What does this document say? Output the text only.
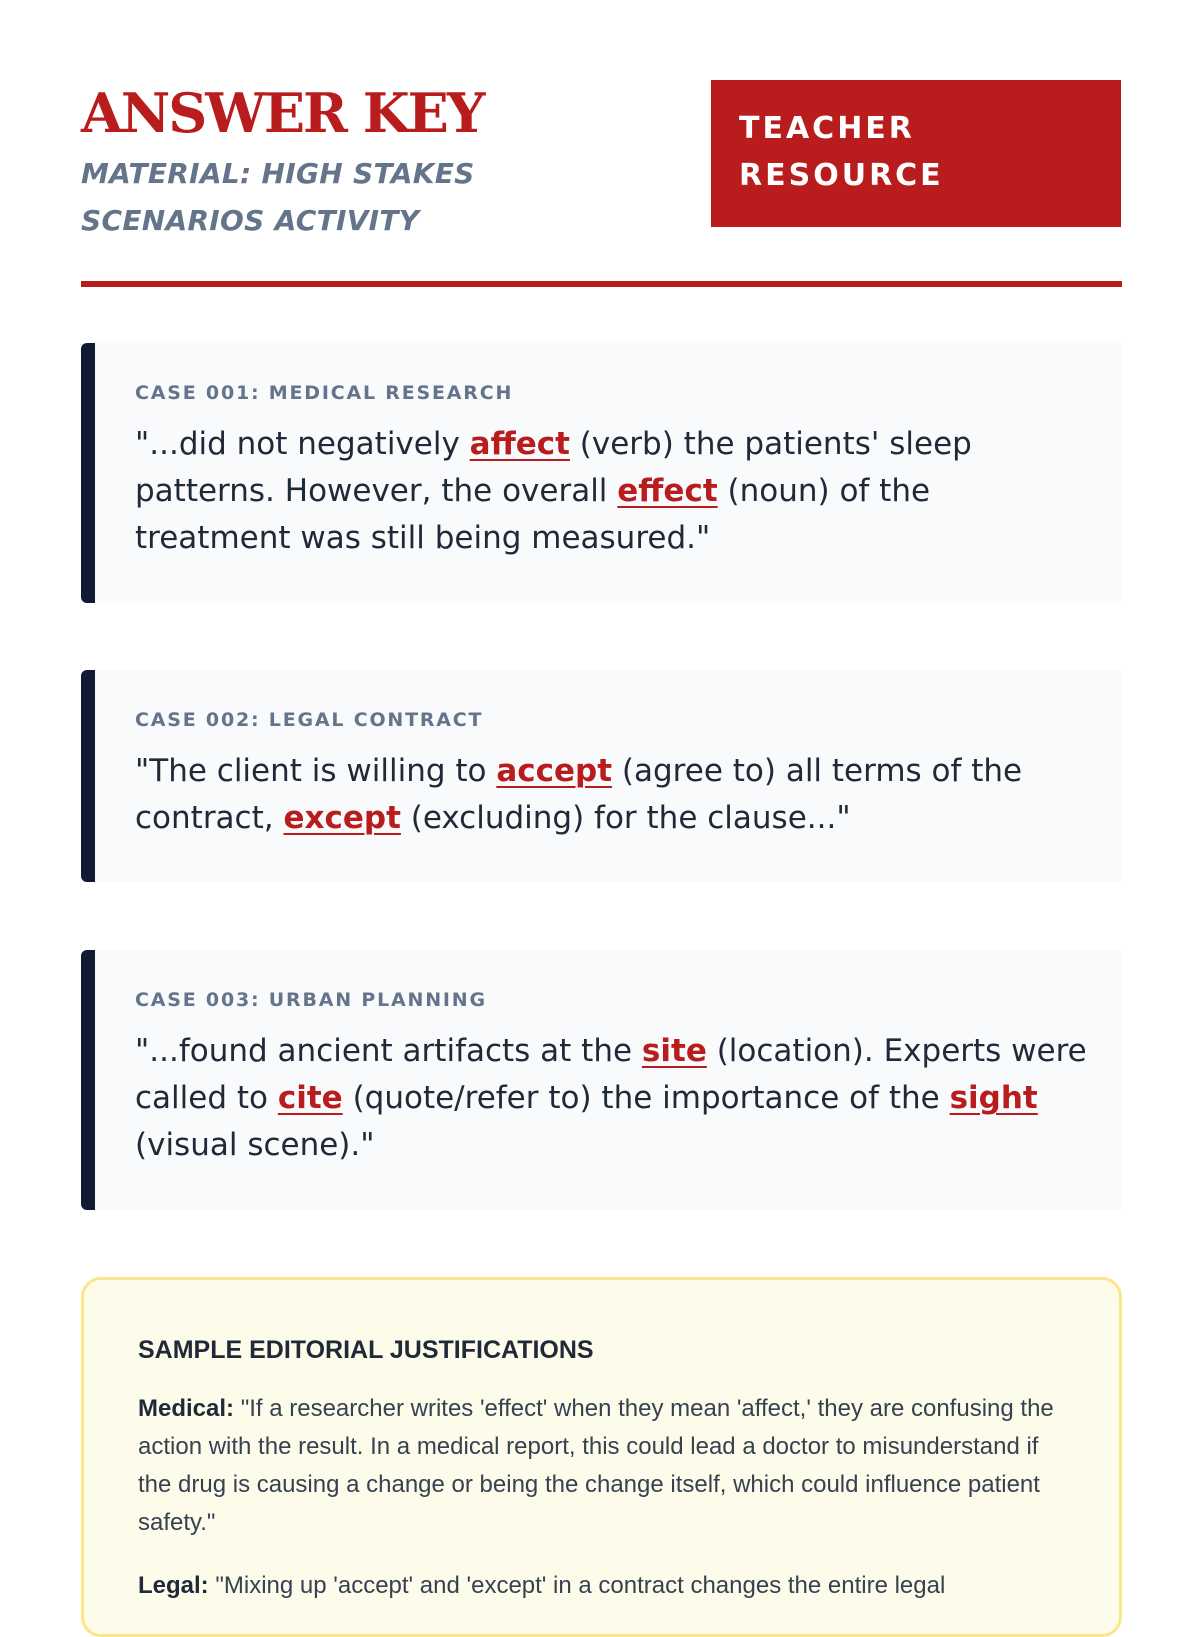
ANSWER KEY
MATERIAL: HIGH STAKES SCENARIOS ACTIVITY
TEACHER
RESOURCE
CASE 001: MEDICAL RESEARCH
"...did not negatively affect (verb) the patients' sleep patterns. However, the overall effect (noun) of the treatment was still being measured."
CASE 002: LEGAL CONTRACT
"The client is willing to accept (agree to) all terms of the contract, except (excluding) for the clause..."
CASE 003: URBAN PLANNING
"...found ancient artifacts at the site (location). Experts were called to cite (quote/refer to) the importance of the sight (visual scene)."
SAMPLE EDITORIAL JUSTIFICATIONS
Medical: "If a researcher writes 'effect' when they mean 'affect,' they are confusing the action with the result. In a medical report, this could lead a doctor to misunderstand if the drug is causing a change or being the change itself, which could influence patient safety."
Legal: "Mixing up 'accept' and 'except' in a contract changes the entire legal
